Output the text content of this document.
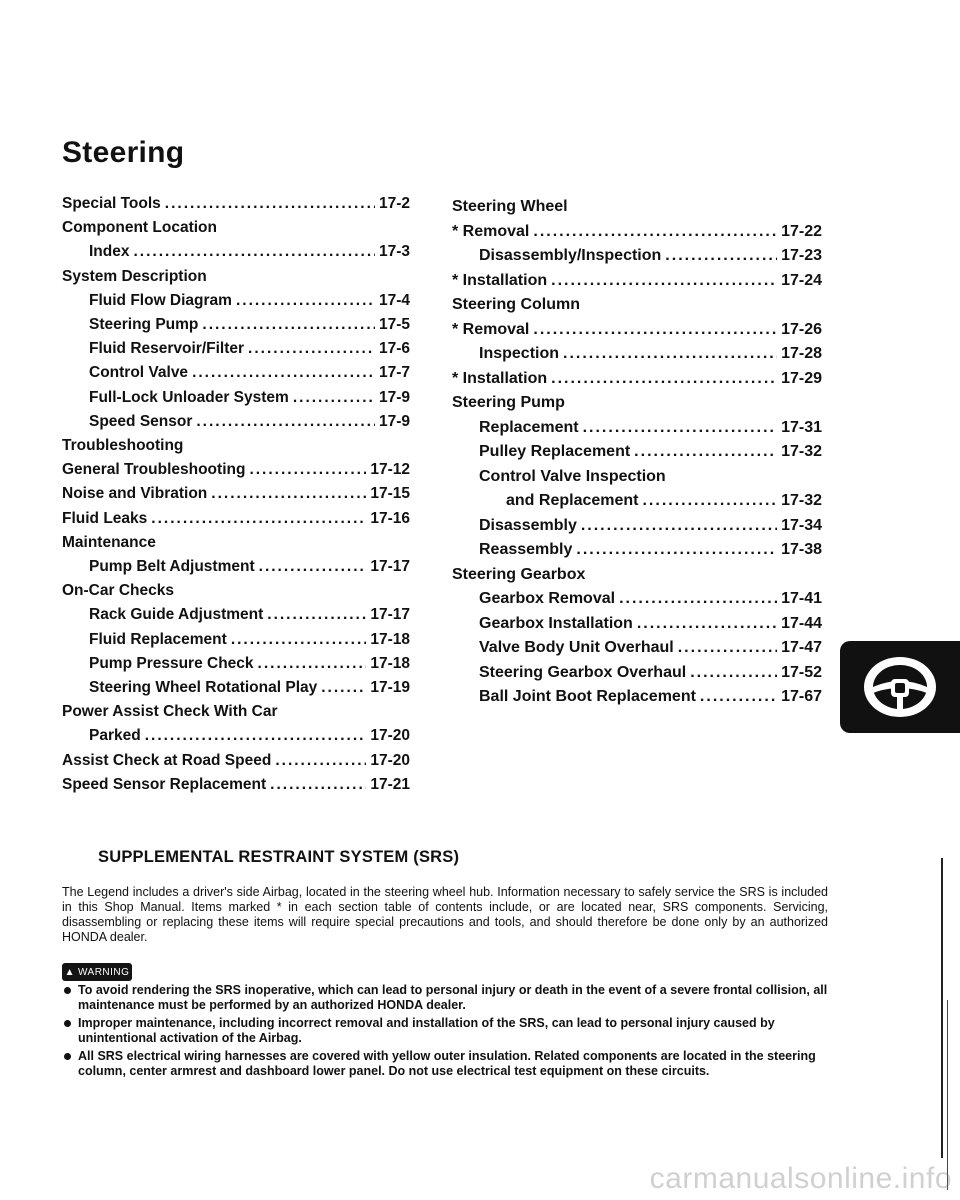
Steering
Special Tools .....	17-2
Component Location
Index .....	17-3
System Description
Fluid Flow Diagram .....	17-4
Steering Pump .....	17-5
Fluid Reservoir/Filter .....	17-6
Control Valve .....	17-7
Full-Lock Unloader System .....	17-9
Speed Sensor .....	17-9
Troubleshooting
General Troubleshooting .....	17-12
Noise and Vibration .....	17-15
Fluid Leaks .....	17-16
Maintenance
Pump Belt Adjustment .....	17-17
On-Car Checks
Rack Guide Adjustment .....	17-17
Fluid Replacement .....	17-18
Pump Pressure Check .....	17-18
Steering Wheel Rotational Play .....	17-19
Power Assist Check With Car
Parked .....	17-20
Assist Check at Road Speed .....	17-20
Speed Sensor Replacement .....	17-21
Steering Wheel
* Removal .....	17-22
Disassembly/Inspection .....	17-23
* Installation .....	17-24
Steering Column
* Removal .....	17-26
Inspection .....	17-28
* Installation .....	17-29
Steering Pump
Replacement .....	17-31
Pulley Replacement .....	17-32
Control Valve Inspection
and Replacement .....	17-32
Disassembly .....	17-34
Reassembly .....	17-38
Steering Gearbox
Gearbox Removal .....	17-41
Gearbox Installation .....	17-44
Valve Body Unit Overhaul .....	17-47
Steering Gearbox Overhaul .....	17-52
Ball Joint Boot Replacement .....	17-67
SUPPLEMENTAL RESTRAINT SYSTEM (SRS)
The Legend includes a driver's side Airbag, located in the steering wheel hub. Information necessary to safely service the SRS is included in this Shop Manual. Items marked * in each section table of contents include, or are located near, SRS components. Servicing, disassembling or replacing these items will require special precautions and tools, and should therefore be done only by an authorized HONDA dealer.
▲ WARNING
To avoid rendering the SRS inoperative, which can lead to personal injury or death in the event of a severe frontal collision, all maintenance must be performed by an authorized HONDA dealer.
Improper maintenance, including incorrect removal and installation of the SRS, can lead to personal injury caused by unintentional activation of the Airbag.
All SRS electrical wiring harnesses are covered with yellow outer insulation. Related components are located in the steering column, center armrest and dashboard lower panel. Do not use electrical test equipment on these circuits.
carmanualsonline.info
